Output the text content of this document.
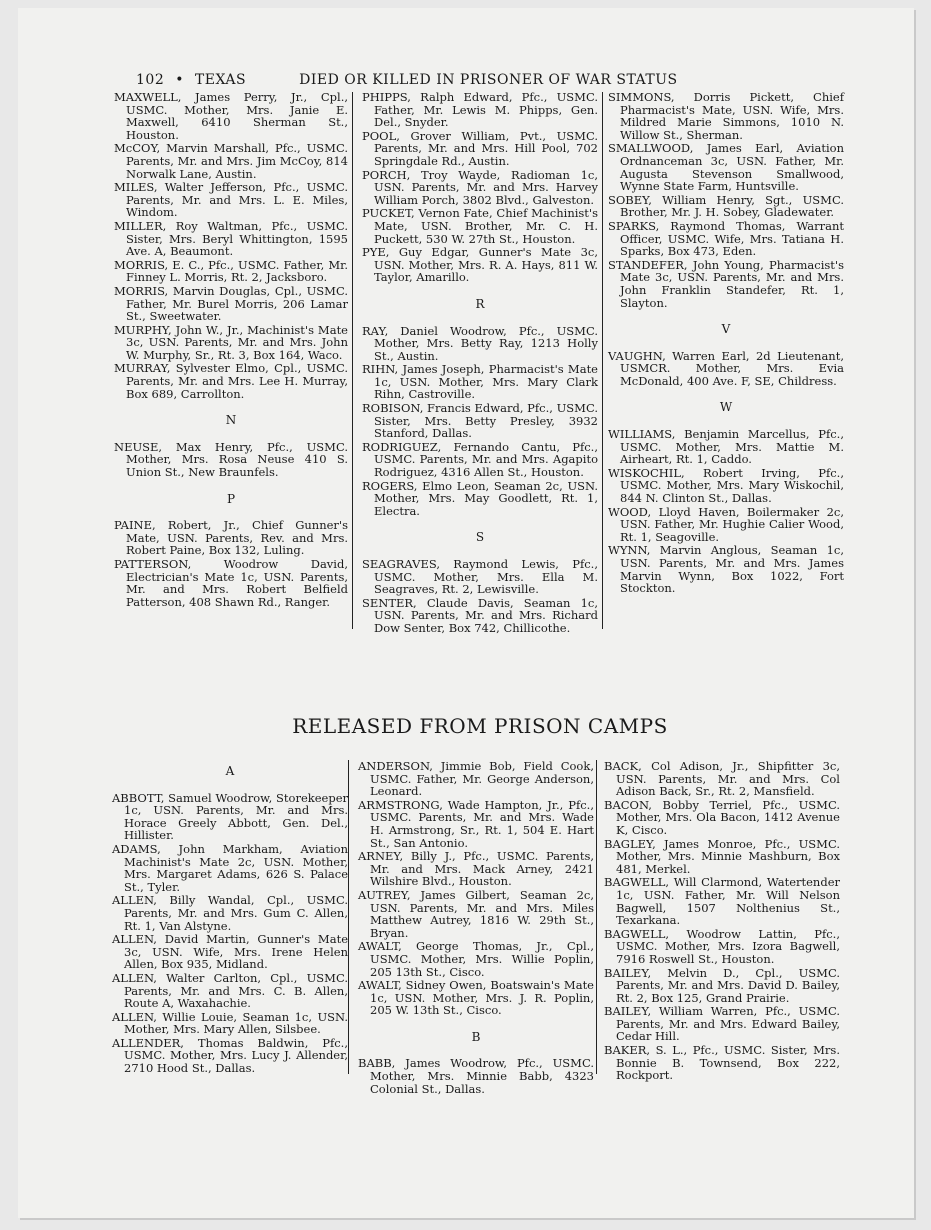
102 • TEXAS	DIED OR KILLED IN PRISONER OF WAR STATUS
MAXWELL, James Perry, Jr., Cpl., USMC. Mother, Mrs. Janie E. Maxwell, 6410 Sherman St., Houston.
McCOY, Marvin Marshall, Pfc., USMC. Parents, Mr. and Mrs. Jim McCoy, 814 Norwalk Lane, Austin.
MILES, Walter Jefferson, Pfc., USMC. Parents, Mr. and Mrs. L. E. Miles, Windom.
MILLER, Roy Waltman, Pfc., USMC. Sister, Mrs. Beryl Whittington, 1595 Ave. A, Beaumont.
MORRIS, E. C., Pfc., USMC. Father, Mr. Finney L. Morris, Rt. 2, Jacksboro.
MORRIS, Marvin Douglas, Cpl., USMC. Father, Mr. Burel Morris, 206 Lamar St., Sweetwater.
MURPHY, John W., Jr., Machinist's Mate 3c, USN. Parents, Mr. and Mrs. John W. Murphy, Sr., Rt. 3, Box 164, Waco.
MURRAY, Sylvester Elmo, Cpl., USMC. Parents, Mr. and Mrs. Lee H. Murray, Box 689, Carrollton.
N
NEUSE, Max Henry, Pfc., USMC. Mother, Mrs. Rosa Neuse 410 S. Union St., New Braunfels.
P
PAINE, Robert, Jr., Chief Gunner's Mate, USN. Parents, Rev. and Mrs. Robert Paine, Box 132, Luling.
PATTERSON, Woodrow David, Electrician's Mate 1c, USN. Parents, Mr. and Mrs. Robert Belfield Patterson, 408 Shawn Rd., Ranger.
PHIPPS, Ralph Edward, Pfc., USMC. Father, Mr. Lewis M. Phipps, Gen. Del., Snyder.
POOL, Grover William, Pvt., USMC. Parents, Mr. and Mrs. Hill Pool, 702 Springdale Rd., Austin.
PORCH, Troy Wayde, Radioman 1c, USN. Parents, Mr. and Mrs. Harvey William Porch, 3802 Blvd., Galveston.
PUCKET, Vernon Fate, Chief Machinist's Mate, USN. Brother, Mr. C. H. Puckett, 530 W. 27th St., Houston.
PYE, Guy Edgar, Gunner's Mate 3c, USN. Mother, Mrs. R. A. Hays, 811 W. Taylor, Amarillo.
R
RAY, Daniel Woodrow, Pfc., USMC. Mother, Mrs. Betty Ray, 1213 Holly St., Austin.
RIHN, James Joseph, Pharmacist's Mate 1c, USN. Mother, Mrs. Mary Clark Rihn, Castroville.
ROBISON, Francis Edward, Pfc., USMC. Sister, Mrs. Betty Presley, 3932 Stanford, Dallas.
RODRIGUEZ, Fernando Cantu, Pfc., USMC. Parents, Mr. and Mrs. Agapito Rodriguez, 4316 Allen St., Houston.
ROGERS, Elmo Leon, Seaman 2c, USN. Mother, Mrs. May Goodlett, Rt. 1, Electra.
S
SEAGRAVES, Raymond Lewis, Pfc., USMC. Mother, Mrs. Ella M. Seagraves, Rt. 2, Lewisville.
SENTER, Claude Davis, Seaman 1c, USN. Parents, Mr. and Mrs. Richard Dow Senter, Box 742, Chillicothe.
SIMMONS, Dorris Pickett, Chief Pharmacist's Mate, USN. Wife, Mrs. Mildred Marie Simmons, 1010 N. Willow St., Sherman.
SMALLWOOD, James Earl, Aviation Ordnanceman 3c, USN. Father, Mr. Augusta Stevenson Smallwood, Wynne State Farm, Huntsville.
SOBEY, William Henry, Sgt., USMC. Brother, Mr. J. H. Sobey, Gladewater.
SPARKS, Raymond Thomas, Warrant Officer, USMC. Wife, Mrs. Tatiana H. Sparks, Box 473, Eden.
STANDEFER, John Young, Pharmacist's Mate 3c, USN. Parents, Mr. and Mrs. John Franklin Standefer, Rt. 1, Slayton.
V
VAUGHN, Warren Earl, 2d Lieutenant, USMCR. Mother, Mrs. Evia McDonald, 400 Ave. F, SE, Childress.
W
WILLIAMS, Benjamin Marcellus, Pfc., USMC. Mother, Mrs. Mattie M. Airheart, Rt. 1, Caddo.
WISKOCHIL, Robert Irving, Pfc., USMC. Mother, Mrs. Mary Wiskochil, 844 N. Clinton St., Dallas.
WOOD, Lloyd Haven, Boilermaker 2c, USN. Father, Mr. Hughie Calier Wood, Rt. 1, Seagoville.
WYNN, Marvin Anglous, Seaman 1c, USN. Parents, Mr. and Mrs. James Marvin Wynn, Box 1022, Fort Stockton.
RELEASED FROM PRISON CAMPS
A
ABBOTT, Samuel Woodrow, Storekeeper 1c, USN. Parents, Mr. and Mrs. Horace Greely Abbott, Gen. Del., Hillister.
ADAMS, John Markham, Aviation Machinist's Mate 2c, USN. Mother, Mrs. Margaret Adams, 626 S. Palace St., Tyler.
ALLEN, Billy Wandal, Cpl., USMC. Parents, Mr. and Mrs. Gum C. Allen, Rt. 1, Van Alstyne.
ALLEN, David Martin, Gunner's Mate 3c, USN. Wife, Mrs. Irene Helen Allen, Box 935, Midland.
ALLEN, Walter Carlton, Cpl., USMC. Parents, Mr. and Mrs. C. B. Allen, Route A, Waxahachie.
ALLEN, Willie Louie, Seaman 1c, USN. Mother, Mrs. Mary Allen, Silsbee.
ALLENDER, Thomas Baldwin, Pfc., USMC. Mother, Mrs. Lucy J. Allender, 2710 Hood St., Dallas.
ANDERSON, Jimmie Bob, Field Cook, USMC. Father, Mr. George Anderson, Leonard.
ARMSTRONG, Wade Hampton, Jr., Pfc., USMC. Parents, Mr. and Mrs. Wade H. Armstrong, Sr., Rt. 1, 504 E. Hart St., San Antonio.
ARNEY, Billy J., Pfc., USMC. Parents, Mr. and Mrs. Mack Arney, 2421 Wilshire Blvd., Houston.
AUTREY, James Gilbert, Seaman 2c, USN. Parents, Mr. and Mrs. Miles Matthew Autrey, 1816 W. 29th St., Bryan.
AWALT, George Thomas, Jr., Cpl., USMC. Mother, Mrs. Willie Poplin, 205 13th St., Cisco.
AWALT, Sidney Owen, Boatswain's Mate 1c, USN. Mother, Mrs. J. R. Poplin, 205 W. 13th St., Cisco.
B
BABB, James Woodrow, Pfc., USMC. Mother, Mrs. Minnie Babb, 4323 Colonial St., Dallas.
BACK, Col Adison, Jr., Shipfitter 3c, USN. Parents, Mr. and Mrs. Col Adison Back, Sr., Rt. 2, Mansfield.
BACON, Bobby Terriel, Pfc., USMC. Mother, Mrs. Ola Bacon, 1412 Avenue K, Cisco.
BAGLEY, James Monroe, Pfc., USMC. Mother, Mrs. Minnie Mashburn, Box 481, Merkel.
BAGWELL, Will Clarmond, Watertender 1c, USN. Father, Mr. Will Nelson Bagwell, 1507 Nolthenius St., Texarkana.
BAGWELL, Woodrow Lattin, Pfc., USMC. Mother, Mrs. Izora Bagwell, 7916 Roswell St., Houston.
BAILEY, Melvin D., Cpl., USMC. Parents, Mr. and Mrs. David D. Bailey, Rt. 2, Box 125, Grand Prairie.
BAILEY, William Warren, Pfc., USMC. Parents, Mr. and Mrs. Edward Bailey, Cedar Hill.
BAKER, S. L., Pfc., USMC. Sister, Mrs. Bonnie B. Townsend, Box 222, Rockport.
